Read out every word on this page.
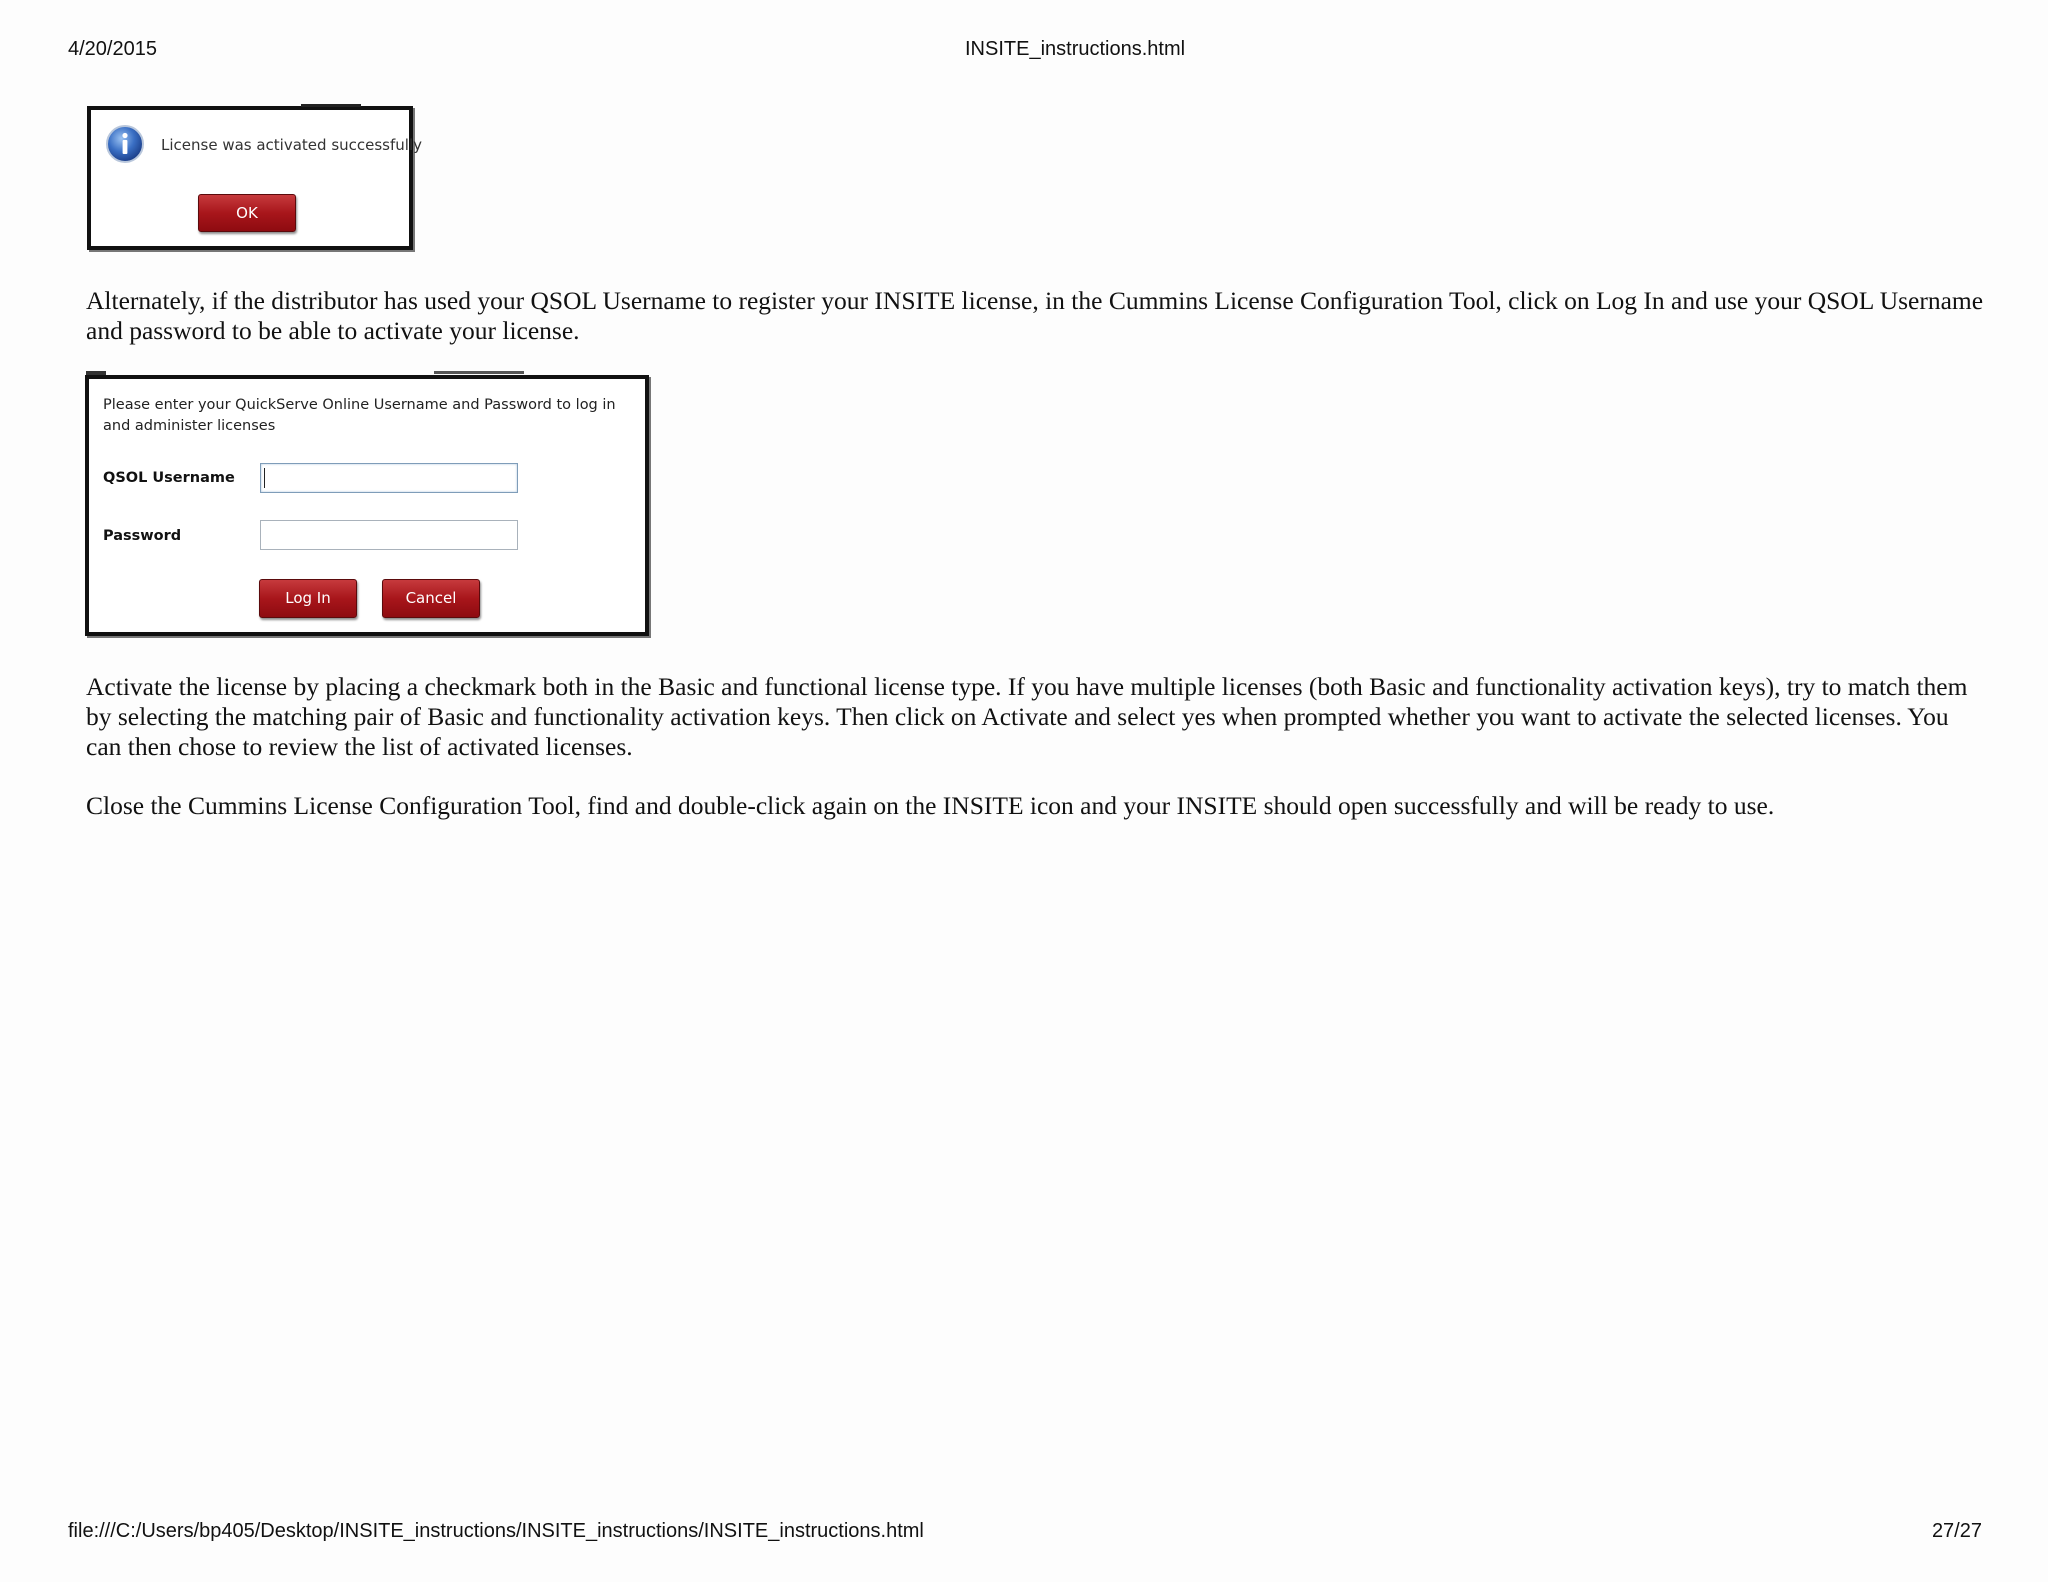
4/20/2015	INSITE_instructions.html
License was activated successfully
OK

Alternately, if the distributor has used your QSOL Username to register your INSITE license, in the Cummins License Configuration Tool, click on Log In and use your QSOL Username and password to be able to activate your license.

Please enter your QuickServe Online Username and Password to log in and administer licenses
QSOL Username
Password
Log In	Cancel

Activate the license by placing a checkmark both in the Basic and functional license type. If you have multiple licenses (both Basic and functionality activation keys), try to match them by selecting the matching pair of Basic and functionality activation keys. Then click on Activate and select yes when prompted whether you want to activate the selected licenses. You can then chose to review the list of activated licenses.

Close the Cummins License Configuration Tool, find and double-click again on the INSITE icon and your INSITE should open successfully and will be ready to use.

file:///C:/Users/bp405/Desktop/INSITE_instructions/INSITE_instructions/INSITE_instructions.html	27/27
